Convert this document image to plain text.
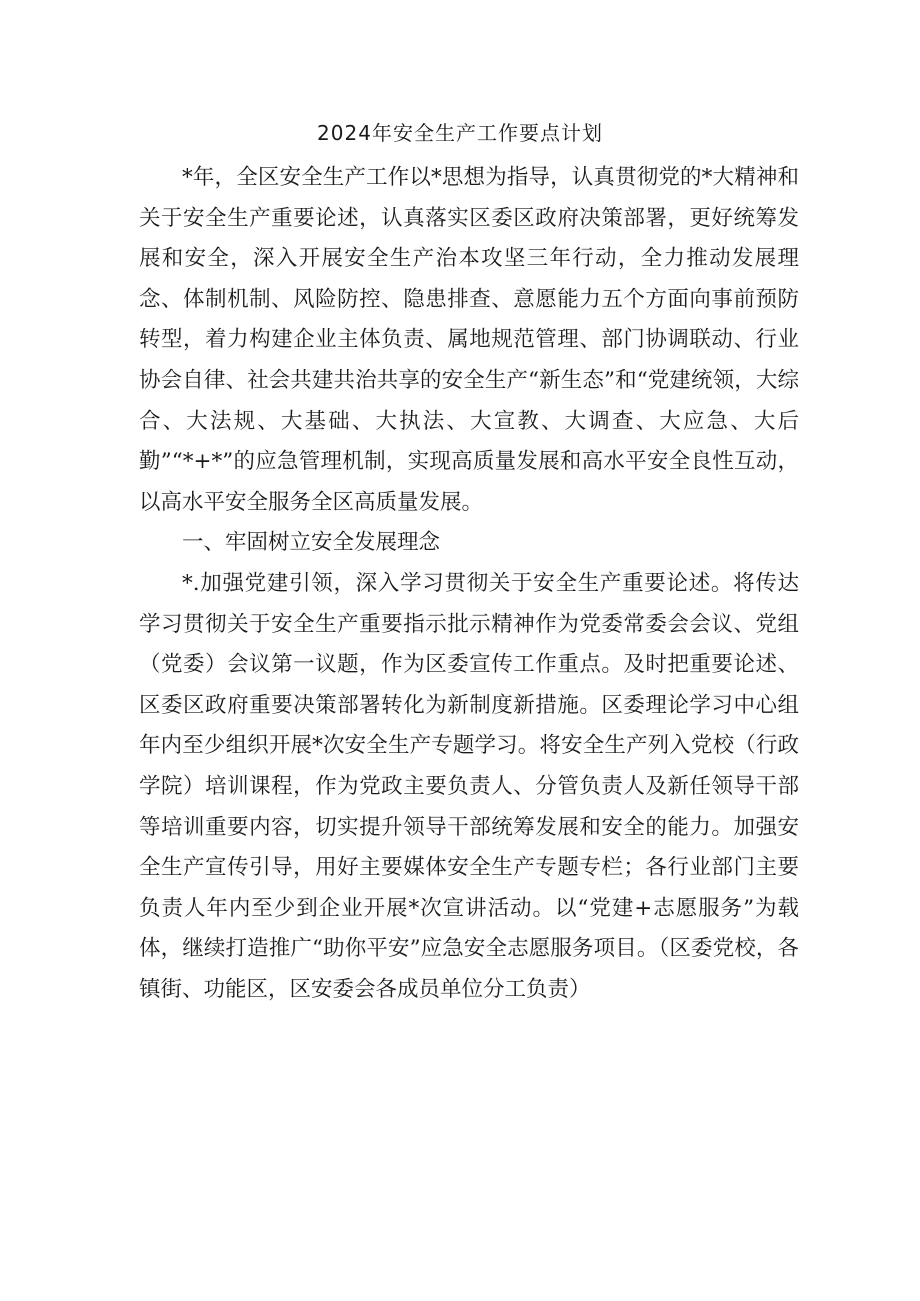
2024年安全生产工作要点计划

*年，全区安全生产工作以*思想为指导，认真贯彻党的*大精神和关于安全生产重要论述，认真落实区委区政府决策部署，更好统筹发展和安全，深入开展安全生产治本攻坚三年行动，全力推动发展理念、体制机制、风险防控、隐患排查、意愿能力五个方面向事前预防转型，着力构建企业主体负责、属地规范管理、部门协调联动、行业协会自律、社会共建共治共享的安全生产“新生态”和“党建统领，大综合、大法规、大基础、大执法、大宣教、大调查、大应急、大后勤”“*+*”的应急管理机制，实现高质量发展和高水平安全良性互动，以高水平安全服务全区高质量发展。

一、牢固树立安全发展理念

*.加强党建引领，深入学习贯彻关于安全生产重要论述。将传达学习贯彻关于安全生产重要指示批示精神作为党委常委会会议、党组（党委）会议第一议题，作为区委宣传工作重点。及时把重要论述、区委区政府重要决策部署转化为新制度新措施。区委理论学习中心组年内至少组织开展*次安全生产专题学习。将安全生产列入党校（行政学院）培训课程，作为党政主要负责人、分管负责人及新任领导干部等培训重要内容，切实提升领导干部统筹发展和安全的能力。加强安全生产宣传引导，用好主要媒体安全生产专题专栏；各行业部门主要负责人年内至少到企业开展*次宣讲活动。以“党建+志愿服务”为载体，继续打造推广“助你平安”应急安全志愿服务项目。（区委党校，各镇街、功能区，区安委会各成员单位分工负责）
